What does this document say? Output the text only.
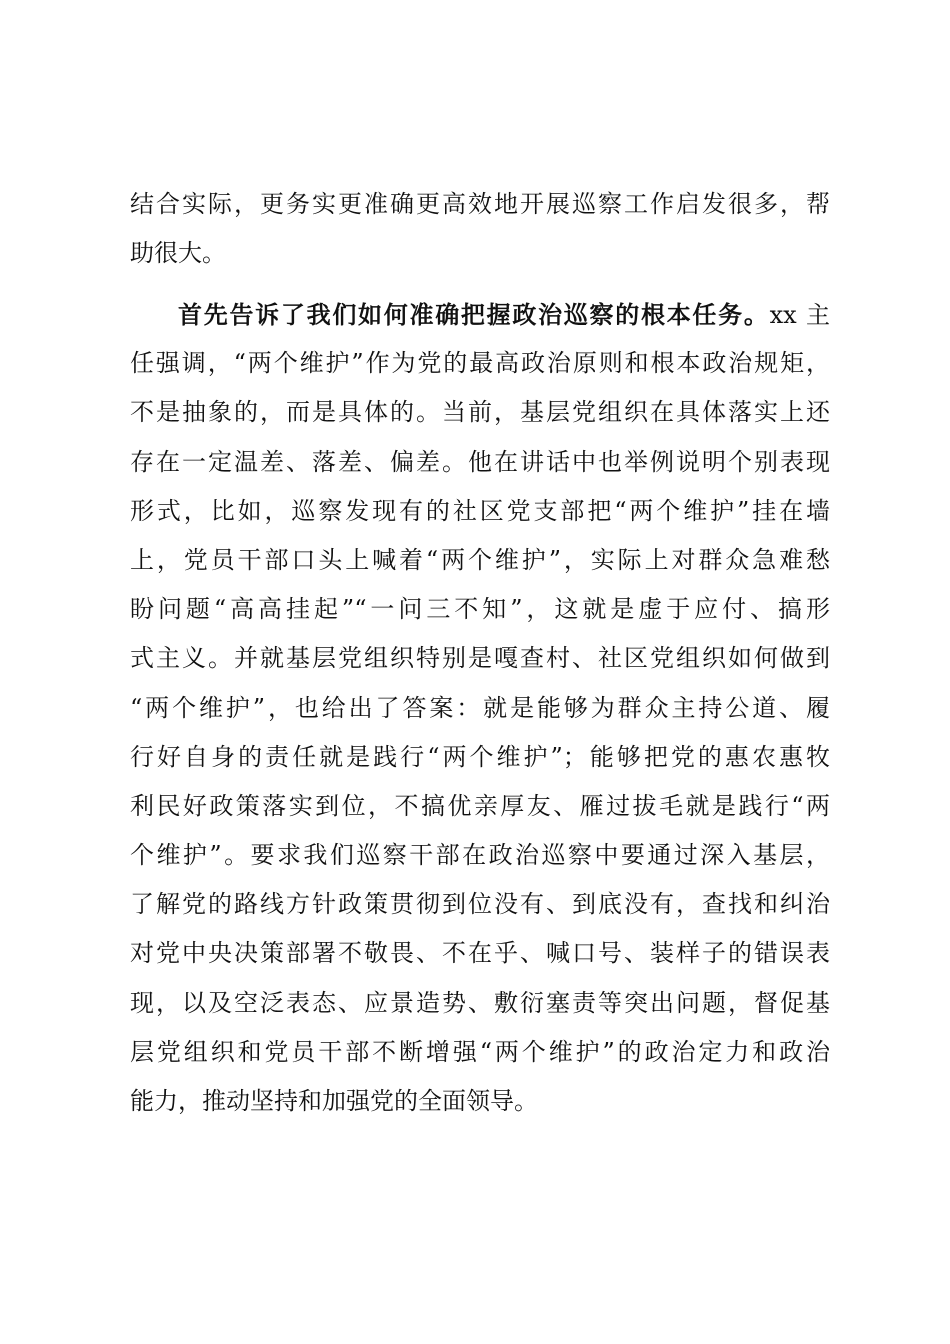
结合实际，更务实更准确更高效地开展巡察工作启发很多，帮
助很大。
首先告诉了我们如何准确把握政治巡察的根本任务。xx 主
任强调，“两个维护”作为党的最高政治原则和根本政治规矩，
不是抽象的，而是具体的。当前，基层党组织在具体落实上还
存在一定温差、落差、偏差。他在讲话中也举例说明个别表现
形式，比如，巡察发现有的社区党支部把“两个维护”挂在墙
上，党员干部口头上喊着“两个维护”，实际上对群众急难愁
盼问题“高高挂起”“一问三不知”，这就是虚于应付、搞形
式主义。并就基层党组织特别是嘎查村、社区党组织如何做到
“两个维护”，也给出了答案：就是能够为群众主持公道、履
行好自身的责任就是践行“两个维护”；能够把党的惠农惠牧
利民好政策落实到位，不搞优亲厚友、雁过拔毛就是践行“两
个维护”。要求我们巡察干部在政治巡察中要通过深入基层，
了解党的路线方针政策贯彻到位没有、到底没有，查找和纠治
对党中央决策部署不敬畏、不在乎、喊口号、装样子的错误表
现，以及空泛表态、应景造势、敷衍塞责等突出问题，督促基
层党组织和党员干部不断增强“两个维护”的政治定力和政治
能力，推动坚持和加强党的全面领导。
